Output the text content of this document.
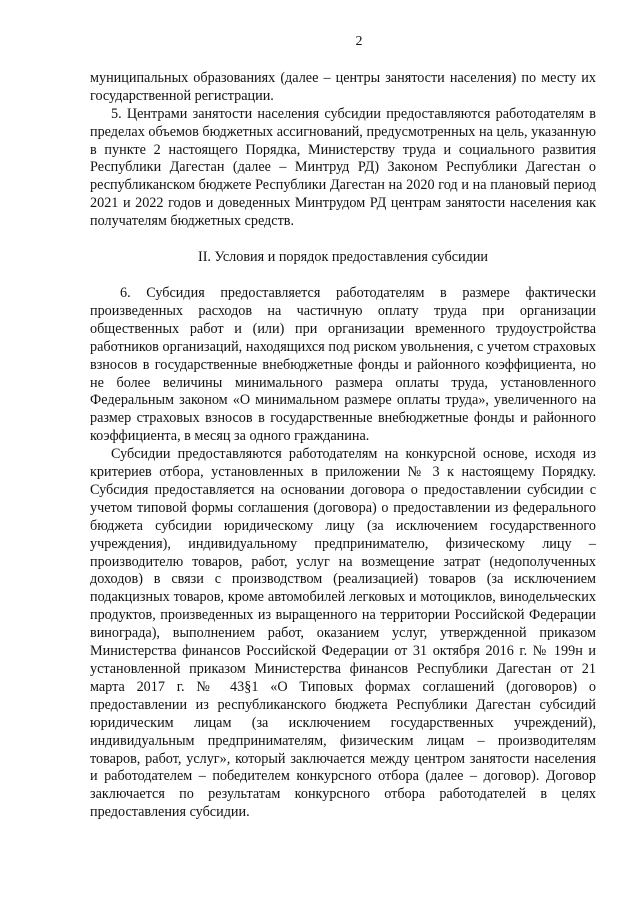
2

муниципальных образованиях (далее – центры занятости населения) по месту их государственной регистрации.

5. Центрами занятости населения субсидии предоставляются работодателям в пределах объемов бюджетных ассигнований, предусмотренных на цель, указанную в пункте 2 настоящего Порядка, Министерству труда и социального развития Республики Дагестан (далее – Минтруд РД) Законом Республики Дагестан о республиканском бюджете Республики Дагестан на 2020 год и на плановый период 2021 и 2022 годов и доведенных Минтрудом РД центрам занятости населения как получателям бюджетных средств.

II. Условия и порядок предоставления субсидии

6. Субсидия предоставляется работодателям в размере фактически произведенных расходов на частичную оплату труда при организации общественных работ и (или) при организации временного трудоустройства работников организаций, находящихся под риском увольнения, с учетом страховых взносов в государственные внебюджетные фонды и районного коэффициента, но не более величины минимального размера оплаты труда, установленного Федеральным законом «О минимальном размере оплаты труда», увеличенного на размер страховых взносов в государственные внебюджетные фонды и районного коэффициента, в месяц за одного гражданина.

Субсидии предоставляются работодателям на конкурсной основе, исходя из критериев отбора, установленных в приложении № 3 к настоящему Порядку. Субсидия предоставляется на основании договора о предоставлении субсидии с учетом типовой формы соглашения (договора) о предоставлении из федерального бюджета субсидии юридическому лицу (за исключением государственного учреждения), индивидуальному предпринимателю, физическому лицу – производителю товаров, работ, услуг на возмещение затрат (недополученных доходов) в связи с производством (реализацией) товаров (за исключением подакцизных товаров, кроме автомобилей легковых и мотоциклов, винодельческих продуктов, произведенных из выращенного на территории Российской Федерации винограда), выполнением работ, оказанием услуг, утвержденной приказом Министерства финансов Российской Федерации от 31 октября 2016 г. № 199н и установленной приказом Министерства финансов Республики Дагестан от 21 марта 2017 г. № 43§1 «О Типовых формах соглашений (договоров) о предоставлении из республиканского бюджета Республики Дагестан субсидий юридическим лицам (за исключением государственных учреждений), индивидуальным предпринимателям, физическим лицам – производителям товаров, работ, услуг», который заключается между центром занятости населения и работодателем – победителем конкурсного отбора (далее – договор). Договор заключается по результатам конкурсного отбора работодателей в целях предоставления субсидии.
